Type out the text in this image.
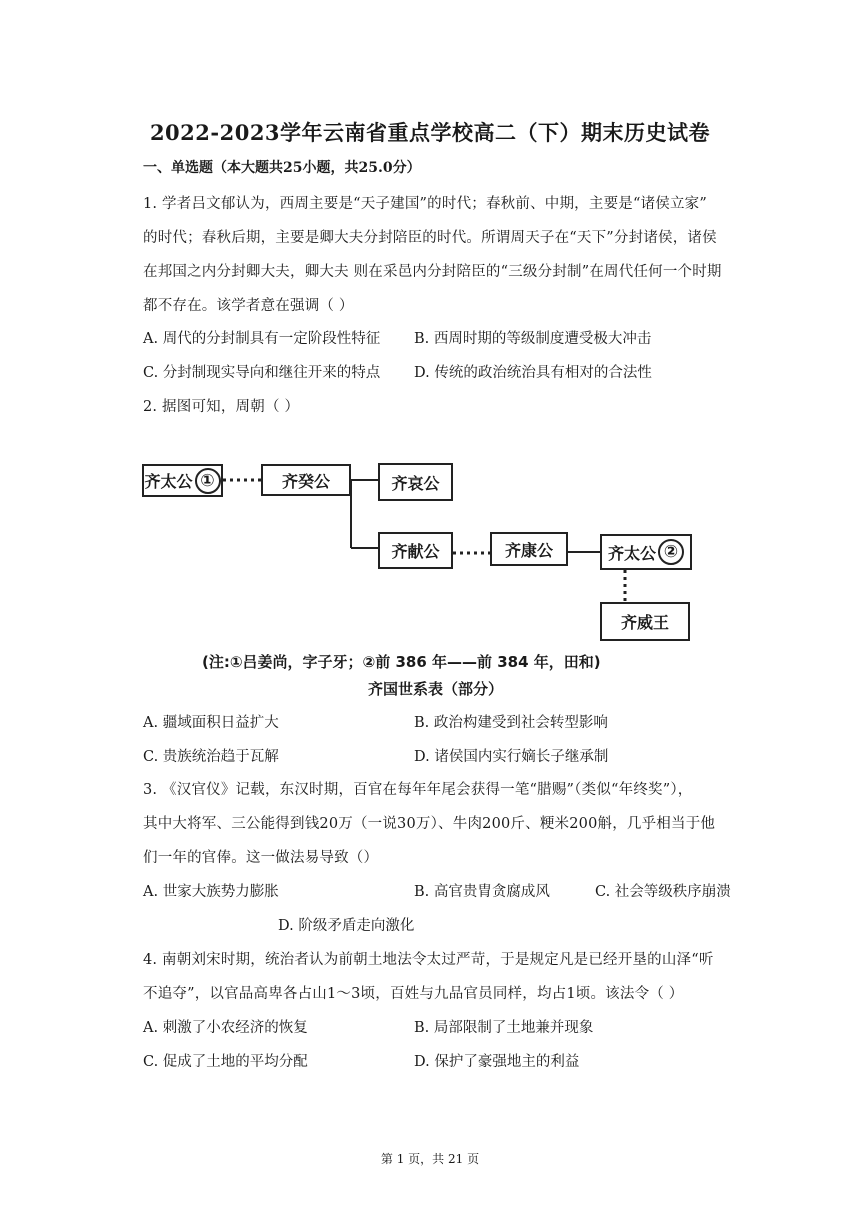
2022-2023学年云南省重点学校高二（下）期末历史试卷
一、单选题（本大题共25小题，共25.0分）
1. 学者吕文郁认为，西周主要是“天子建国”的时代；春秋前、中期，主要是“诸侯立家”
的时代；春秋后期，主要是卿大夫分封陪臣的时代。所谓周天子在“天下”分封诸侯，诸侯
在邦国之内分封卿大夫，卿大夫 则在采邑内分封陪臣的“三级分封制”在周代任何一个时期
都不存在。该学者意在强调（ ）
A. 周代的分封制具有一定阶段性特征 B. 西周时期的等级制度遭受极大冲击
C. 分封制现实导向和继往开来的特点 D. 传统的政治统治具有相对的合法性
2. 据图可知，周朝（ ）
齐太公 ①	齐癸公	齐哀公
齐献公	齐康公	齐太公 ②
齐威王
(注:①吕姜尚，字子牙；②前 386 年——前 384 年，田和)
齐国世系表（部分）
A. 疆域面积日益扩大	B. 政治构建受到社会转型影响
C. 贵族统治趋于瓦解	D. 诸侯国内实行嫡长子继承制
3. 《汉官仪》记载，东汉时期，百官在每年年尾会获得一笔“腊赐”（类似“年终奖”），
其中大将军、三公能得到钱20万（一说30万）、牛肉200斤、粳米200斛，几乎相当于他
们一年的官俸。这一做法易导致（）
A. 世家大族势力膨胀	B. 高官贵胄贪腐成风	C. 社会等级秩序崩溃
D. 阶级矛盾走向激化
4. 南朝刘宋时期，统治者认为前朝土地法令太过严苛，于是规定凡是已经开垦的山泽“听
不追夺”，以官品高卑各占山1～3顷，百姓与九品官员同样，均占1顷。该法令（ ）
A. 刺激了小农经济的恢复	B. 局部限制了土地兼并现象
C. 促成了土地的平均分配	D. 保护了豪强地主的利益
第 1 页，共 21 页
